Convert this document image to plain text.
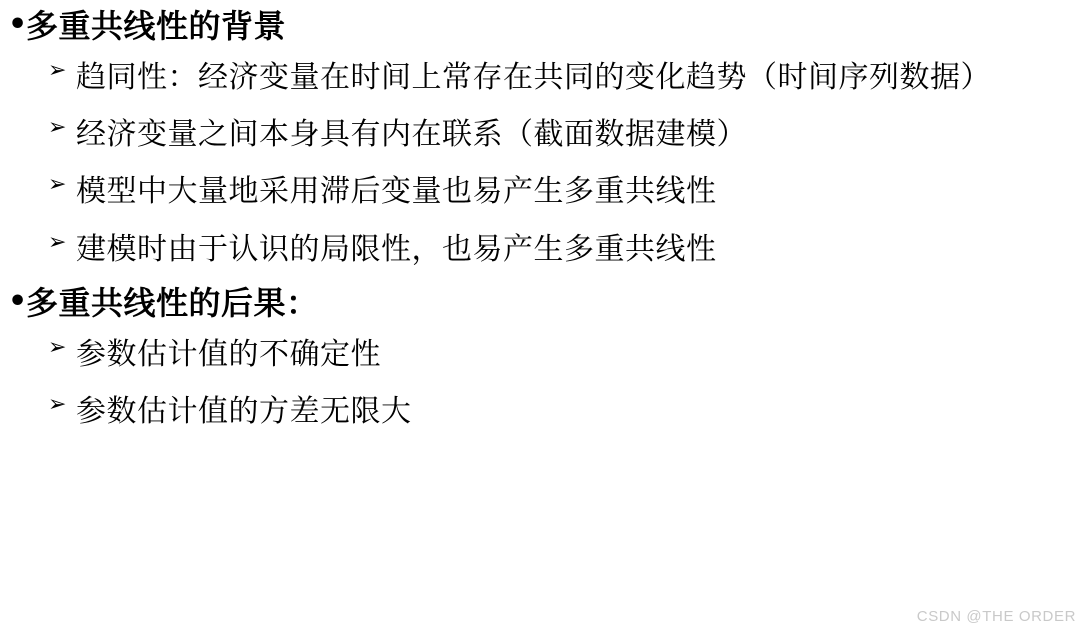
•
多重共线性的背景
➢ 趋同性：经济变量在时间上常存在共同的变化趋势（时间序列数据）
➢ 经济变量之间本身具有内在联系（截面数据建模）
➢ 模型中大量地采用滞后变量也易产生多重共线性
➢ 建模时由于认识的局限性，也易产生多重共线性
•
多重共线性的后果：
➢ 参数估计值的不确定性
➢ 参数估计值的方差无限大
CSDN @THE ORDER
